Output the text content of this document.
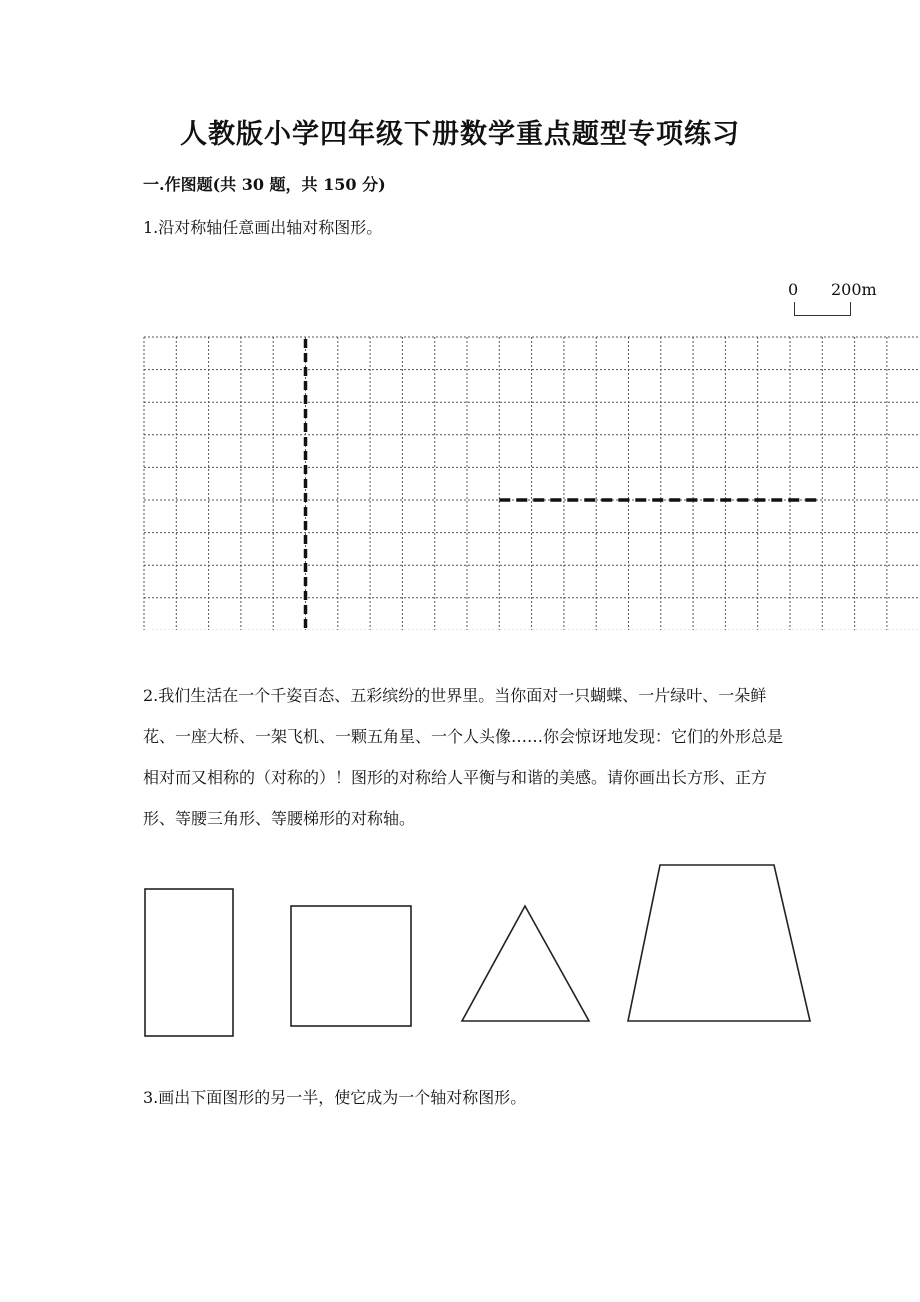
人教版小学四年级下册数学重点题型专项练习
一.作图题(共 30 题，共 150 分)
1.沿对称轴任意画出轴对称图形。
0 200m
2.我们生活在一个千姿百态、五彩缤纷的世界里。当你面对一只蝴蝶、一片绿叶、一朵鲜花、一座大桥、一架飞机、一颗五角星、一个人头像……你会惊讶地发现：它们的外形总是相对而又相称的（对称的）！图形的对称给人平衡与和谐的美感。请你画出长方形、正方形、等腰三角形、等腰梯形的对称轴。
3.画出下面图形的另一半，使它成为一个轴对称图形。
